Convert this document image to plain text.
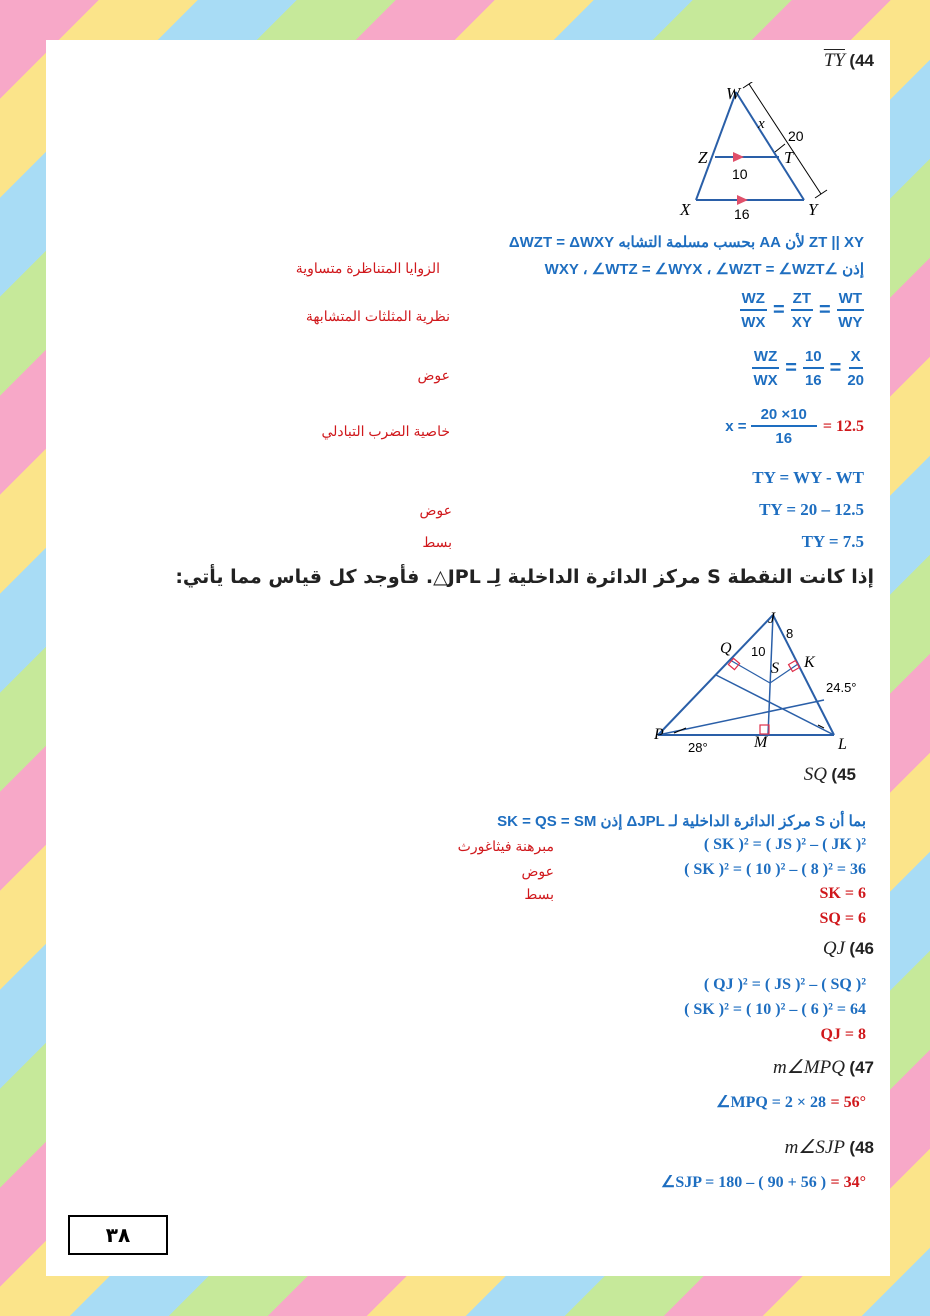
$\overline{TY}$ (44
W
X	Y
Z	T
x
20
10
16
ZT || XY لأن AA بحسب مسلمة التشابه ΔWZT = ΔWXY
إذن ∠WXY ، ∠WTZ = ∠WYX ، ∠WZT = ∠WZT
الزوايا المتناظرة متساوية
$\frac{WZ}{WX} = \frac{ZT}{XY} = \frac{WT}{WY}$
نظرية المثلثات المتشابهة
$\frac{WZ}{WX} = \frac{10}{16} = \frac{X}{20}$
عوض
$x = \frac{20 \times 10}{16} = 12.5$
خاصية الضرب التبادلي
TY = WY - WT
TY = 20 – 12.5
عوض
TY = 7.5
بسط
إذا كانت النقطة S مركز الدائرة الداخلية لِـ JPL△. فأوجد كل قياس مما يأتي:
J
Q
K
S
P	M	L
8
10
24.5°
28°
SQ (45
بما أن S مركز الدائرة الداخلية لـ ΔJPL إذن SK = QS = SM
( SK )² = ( JS )² – ( JK )²
مبرهنة فيثاغورث
( SK )² = ( 10 )² – ( 8 )² = 36
عوض
SK = 6
بسط
SQ = 6
QJ (46
( QJ )² = ( JS )² – ( SQ )²
( SK )² = ( 10 )² – ( 6 )² = 64
QJ = 8
m∠MPQ (47
∠MPQ = 2 × 28 = 56°
m∠SJP (48
∠SJP = 180 – ( 90 + 56 ) = 34°
٣٨
